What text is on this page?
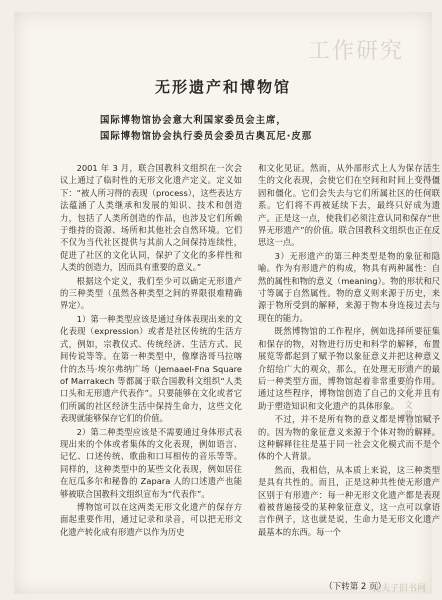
工作研究
无形遗产和博物馆
国际博物馆协会意大利国家委员会主席，
国际博物馆协会执行委员会委员古奥瓦尼·皮那

2001 年 3 月，联合国教科文组织在一次会议上通过了临时性的无形文化遗产定义。定义如下：“被人所习得的表现（process），这些表达方法蕴涵了人类继承和发展的知识、技术和创造力，包括了人类所创造的作品，也涉及它们所赖于维持的资源、场所和其他社会自然环境。它们不仅为当代社区提供与其前人之间保持连续性，促进了社区的文化认同，保护了文化的多样性和人类的创造力，因而具有重要的意义。”

根据这个定义，我们至少可以确定无形遗产的三种类型（虽然各种类型之间的界限很难精确界定）。

1）第一种类型应该是通过身体表现出来的文化表现（expression）或者是社区传统的生活方式，例如，宗教仪式、传统经济、生活方式、民间传说等等。在第一种类型中，像摩洛哥马拉喀什的杰马·埃尔弗纳广场（Jemaael-Fna Square of Marrakech 等都属于联合国教科文组织“人类口头和无形遗产代表作”。只要能够在文化或者它们所属的社区经济生活中保持生命力，这些文化表现就能够保存它们的价值。

2）第二种类型应该是不需要通过身体形式表现出来的个体或者集体的文化表现，例如语言、记忆、口述传统、歌曲和口耳相传的音乐等等。同样的，这种类型中的某些文化表现，例如居住在厄瓜多尔和秘鲁的 Zapara 人的口述遗产也能够被联合国教科文组织宣布为“代表作”。

博物馆可以在这两类无形文化遗产的保存方面起重要作用，通过记录和录音，可以把无形文化遗产转化成有形遗产以作为历史

和文化见证。然而，从外部形式上人为保存活生生的文化表现，会使它们在空间和时间上变得僵固和僵化。它们会失去与它们所属社区的任何联系。它们将不再被延续下去，最终只好成为遗产。正是这一点，使我们必须注意认同和保存“世界无形遗产”的价值。联合国教科文组织也正在反思这一点。

3）无形遗产的第三种类型是物的象征和隐喻。作为有形遗产的构成，物具有两种属性：自然的属性和物的意义（meaning）。物的形状和尺寸等属于自然属性。物的意义则来源于历史，来源于物所受到的解释，来源于物本身连接过去与现在的能力。

既然博物馆的工作程序，例如选择所要征集和保存的物，对物进行历史和科学的解释，布置展览等都起到了赋予物以象征意义并把这种意义介绍给广大的观众，那么，在处理无形遗产的最后一种类型方面，博物馆起着非常重要的作用。通过这些程序，博物馆创造了自己的文化并且有助于塑造知识和文化遗产的具体形象。

不过，并不是所有物的意义都是博物馆赋予的。因为物的象征意义来源于个体对物的解释。这种解释往往是基于同一社会文化模式而不是个体的个人背景。

然而，我相信，从本质上来说，这三种类型是具有共性的。而且，正是这种共性使无形遗产区别于有形遗产：每一种无形文化遗产都是表现着被普遍接受的某种象征意义，这一点可以拿语言作例子，这也就是说，生命力是无形文化遗产最基本的东西。每一个

（下转第 2 页）
高立高天文藏书
孔夫子旧书网
